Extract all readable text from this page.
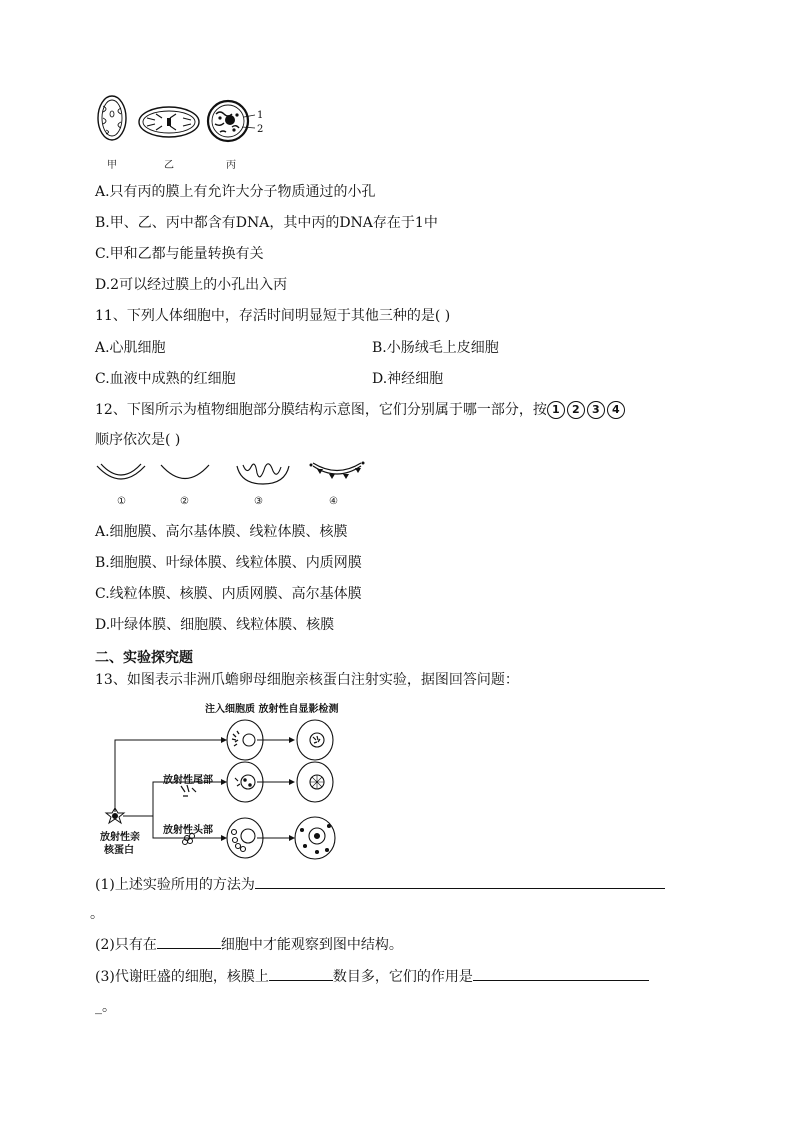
1
2
甲	乙	丙
A.只有丙的膜上有允许大分子物质通过的小孔
B.甲、乙、丙中都含有DNA，其中丙的DNA存在于1中
C.甲和乙都与能量转换有关
D.2可以经过膜上的小孔出入丙
11、下列人体细胞中，存活时间明显短于其他三种的是( )
A.心肌细胞	B.小肠绒毛上皮细胞
C.血液中成熟的红细胞	D.神经细胞
12、下图所示为植物细胞部分膜结构示意图，它们分别属于哪一部分，按 1 2 3 4
顺序依次是( )
①	②	③	④
A.细胞膜、高尔基体膜、线粒体膜、核膜
B.细胞膜、叶绿体膜、线粒体膜、内质网膜
C.线粒体膜、核膜、内质网膜、高尔基体膜
D.叶绿体膜、细胞膜、线粒体膜、核膜
二、实验探究题
13、如图表示非洲爪蟾卵母细胞亲核蛋白注射实验，据图回答问题：
注入细胞质 放射性自显影检测
放射性尾部
放射性头部
放射性亲
核蛋白
(1)上述实验所用的方法为
。
(2)只有在	细胞中才能观察到图中结构。
(3)代谢旺盛的细胞，核膜上	数目多，它们的作用是
_。
